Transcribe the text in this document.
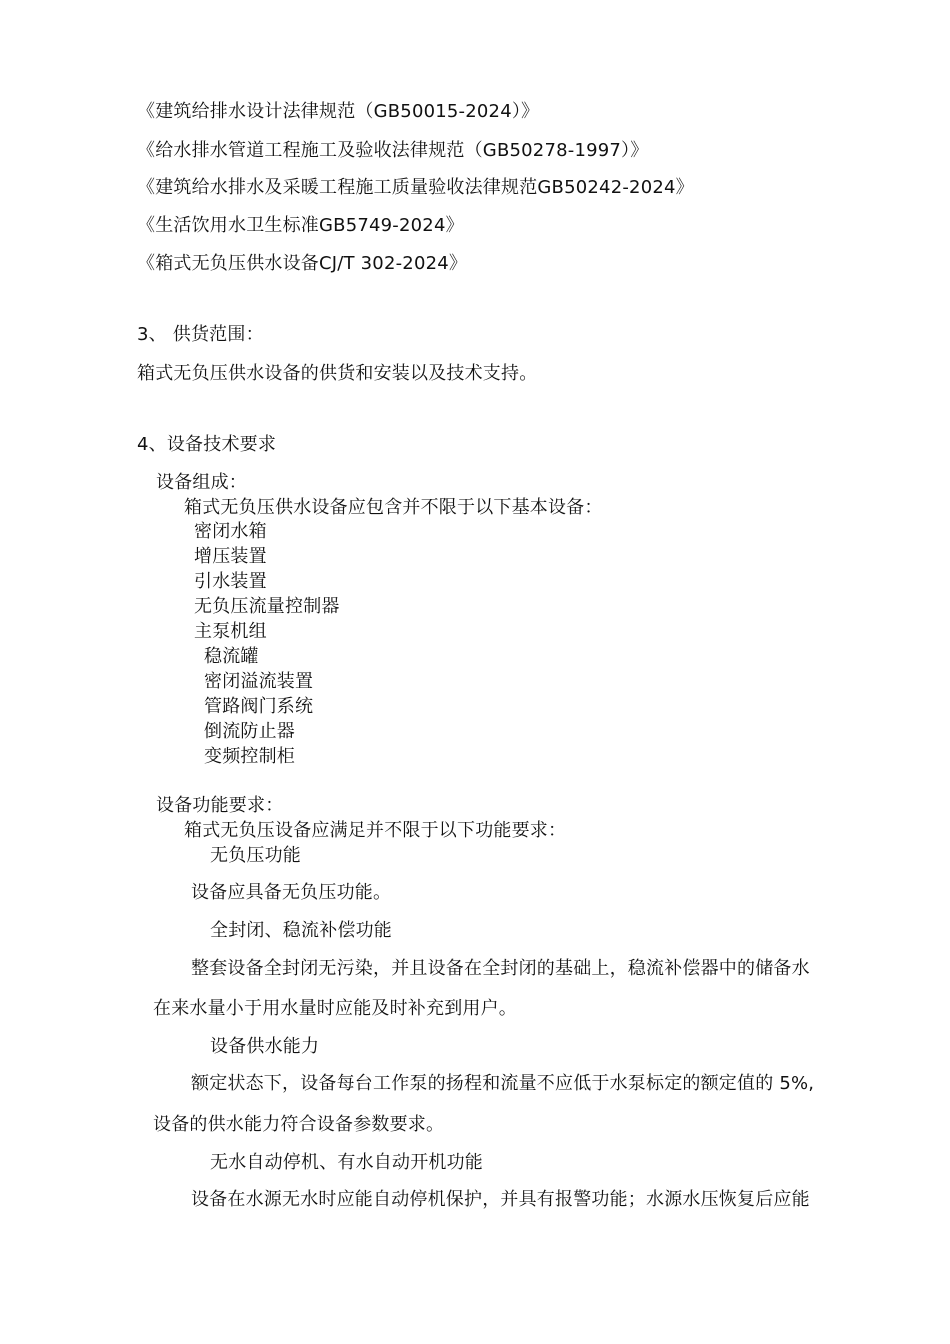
《建筑给排水设计法律规范（GB50015-2024）》
《给水排水管道工程施工及验收法律规范（GB50278-1997）》
《建筑给水排水及采暖工程施工质量验收法律规范GB50242-2024》
《生活饮用水卫生标准GB5749-2024》
《箱式无负压供水设备CJ/T 302-2024》
3、 供货范围：
箱式无负压供水设备的供货和安装以及技术支持。
4、设备技术要求
设备组成：
箱式无负压供水设备应包含并不限于以下基本设备：
密闭水箱
增压装置
引水装置
无负压流量控制器
主泵机组
稳流罐
密闭溢流装置
管路阀门系统
倒流防止器
变频控制柜
设备功能要求：
箱式无负压设备应满足并不限于以下功能要求：
无负压功能
设备应具备无负压功能。
全封闭、稳流补偿功能
整套设备全封闭无污染，并且设备在全封闭的基础上，稳流补偿器中的储备水
在来水量小于用水量时应能及时补充到用户。
设备供水能力
额定状态下，设备每台工作泵的扬程和流量不应低于水泵标定的额定值的 5%,
设备的供水能力符合设备参数要求。
无水自动停机、有水自动开机功能
设备在水源无水时应能自动停机保护，并具有报警功能；水源水压恢复后应能
